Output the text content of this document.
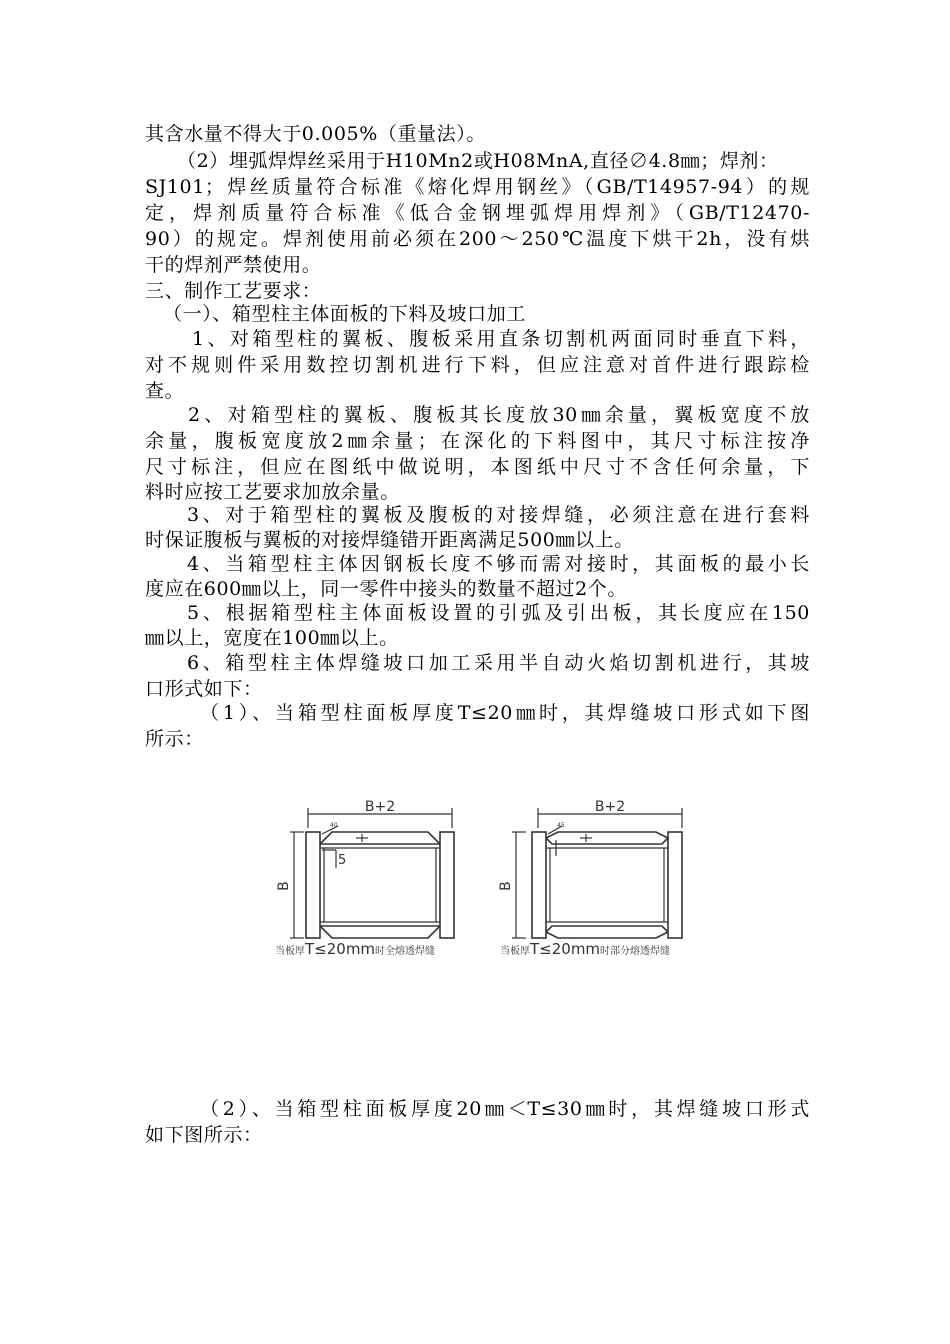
其含水量不得大于0.005%（重量法）。
（2）埋弧焊焊丝采用于H10Mn2或H08MnA,直径∅4.8㎜；焊剂：
SJ101；焊丝质量符合标准《熔化焊用钢丝》（GB/T14957-94）的规
定，焊剂质量符合标准《低合金钢埋弧焊用焊剂》（GB/T12470-
90）的规定。焊剂使用前必须在200～250℃温度下烘干2h，没有烘
干的焊剂严禁使用。
三、制作工艺要求：
（一）、箱型柱主体面板的下料及坡口加工
1、对箱型柱的翼板、腹板采用直条切割机两面同时垂直下料，
对不规则件采用数控切割机进行下料，但应注意对首件进行跟踪检
查。
2、对箱型柱的翼板、腹板其长度放30㎜余量，翼板宽度不放
余量，腹板宽度放2㎜余量；在深化的下料图中，其尺寸标注按净
尺寸标注，但应在图纸中做说明，本图纸中尺寸不含任何余量，下
料时应按工艺要求加放余量。
3、对于箱型柱的翼板及腹板的对接焊缝，必须注意在进行套料
时保证腹板与翼板的对接焊缝错开距离满足500㎜以上。
4、当箱型柱主体因钢板长度不够而需对接时，其面板的最小长
度应在600㎜以上，同一零件中接头的数量不超过2个。
5、根据箱型柱主体面板设置的引弧及引出板，其长度应在150
㎜以上，宽度在100㎜以上。
6、箱型柱主体焊缝坡口加工采用半自动火焰切割机进行，其坡
口形式如下：
（1）、当箱型柱面板厚度T≤20㎜时，其焊缝坡口形式如下图
所示：
B+2
B
40
5
当板厚T≤20mm时全熔透焊缝
B+2
B
45
当板厚T≤20mm时部分熔透焊缝
（2）、当箱型柱面板厚度20㎜＜T≤30㎜时，其焊缝坡口形式
如下图所示：
